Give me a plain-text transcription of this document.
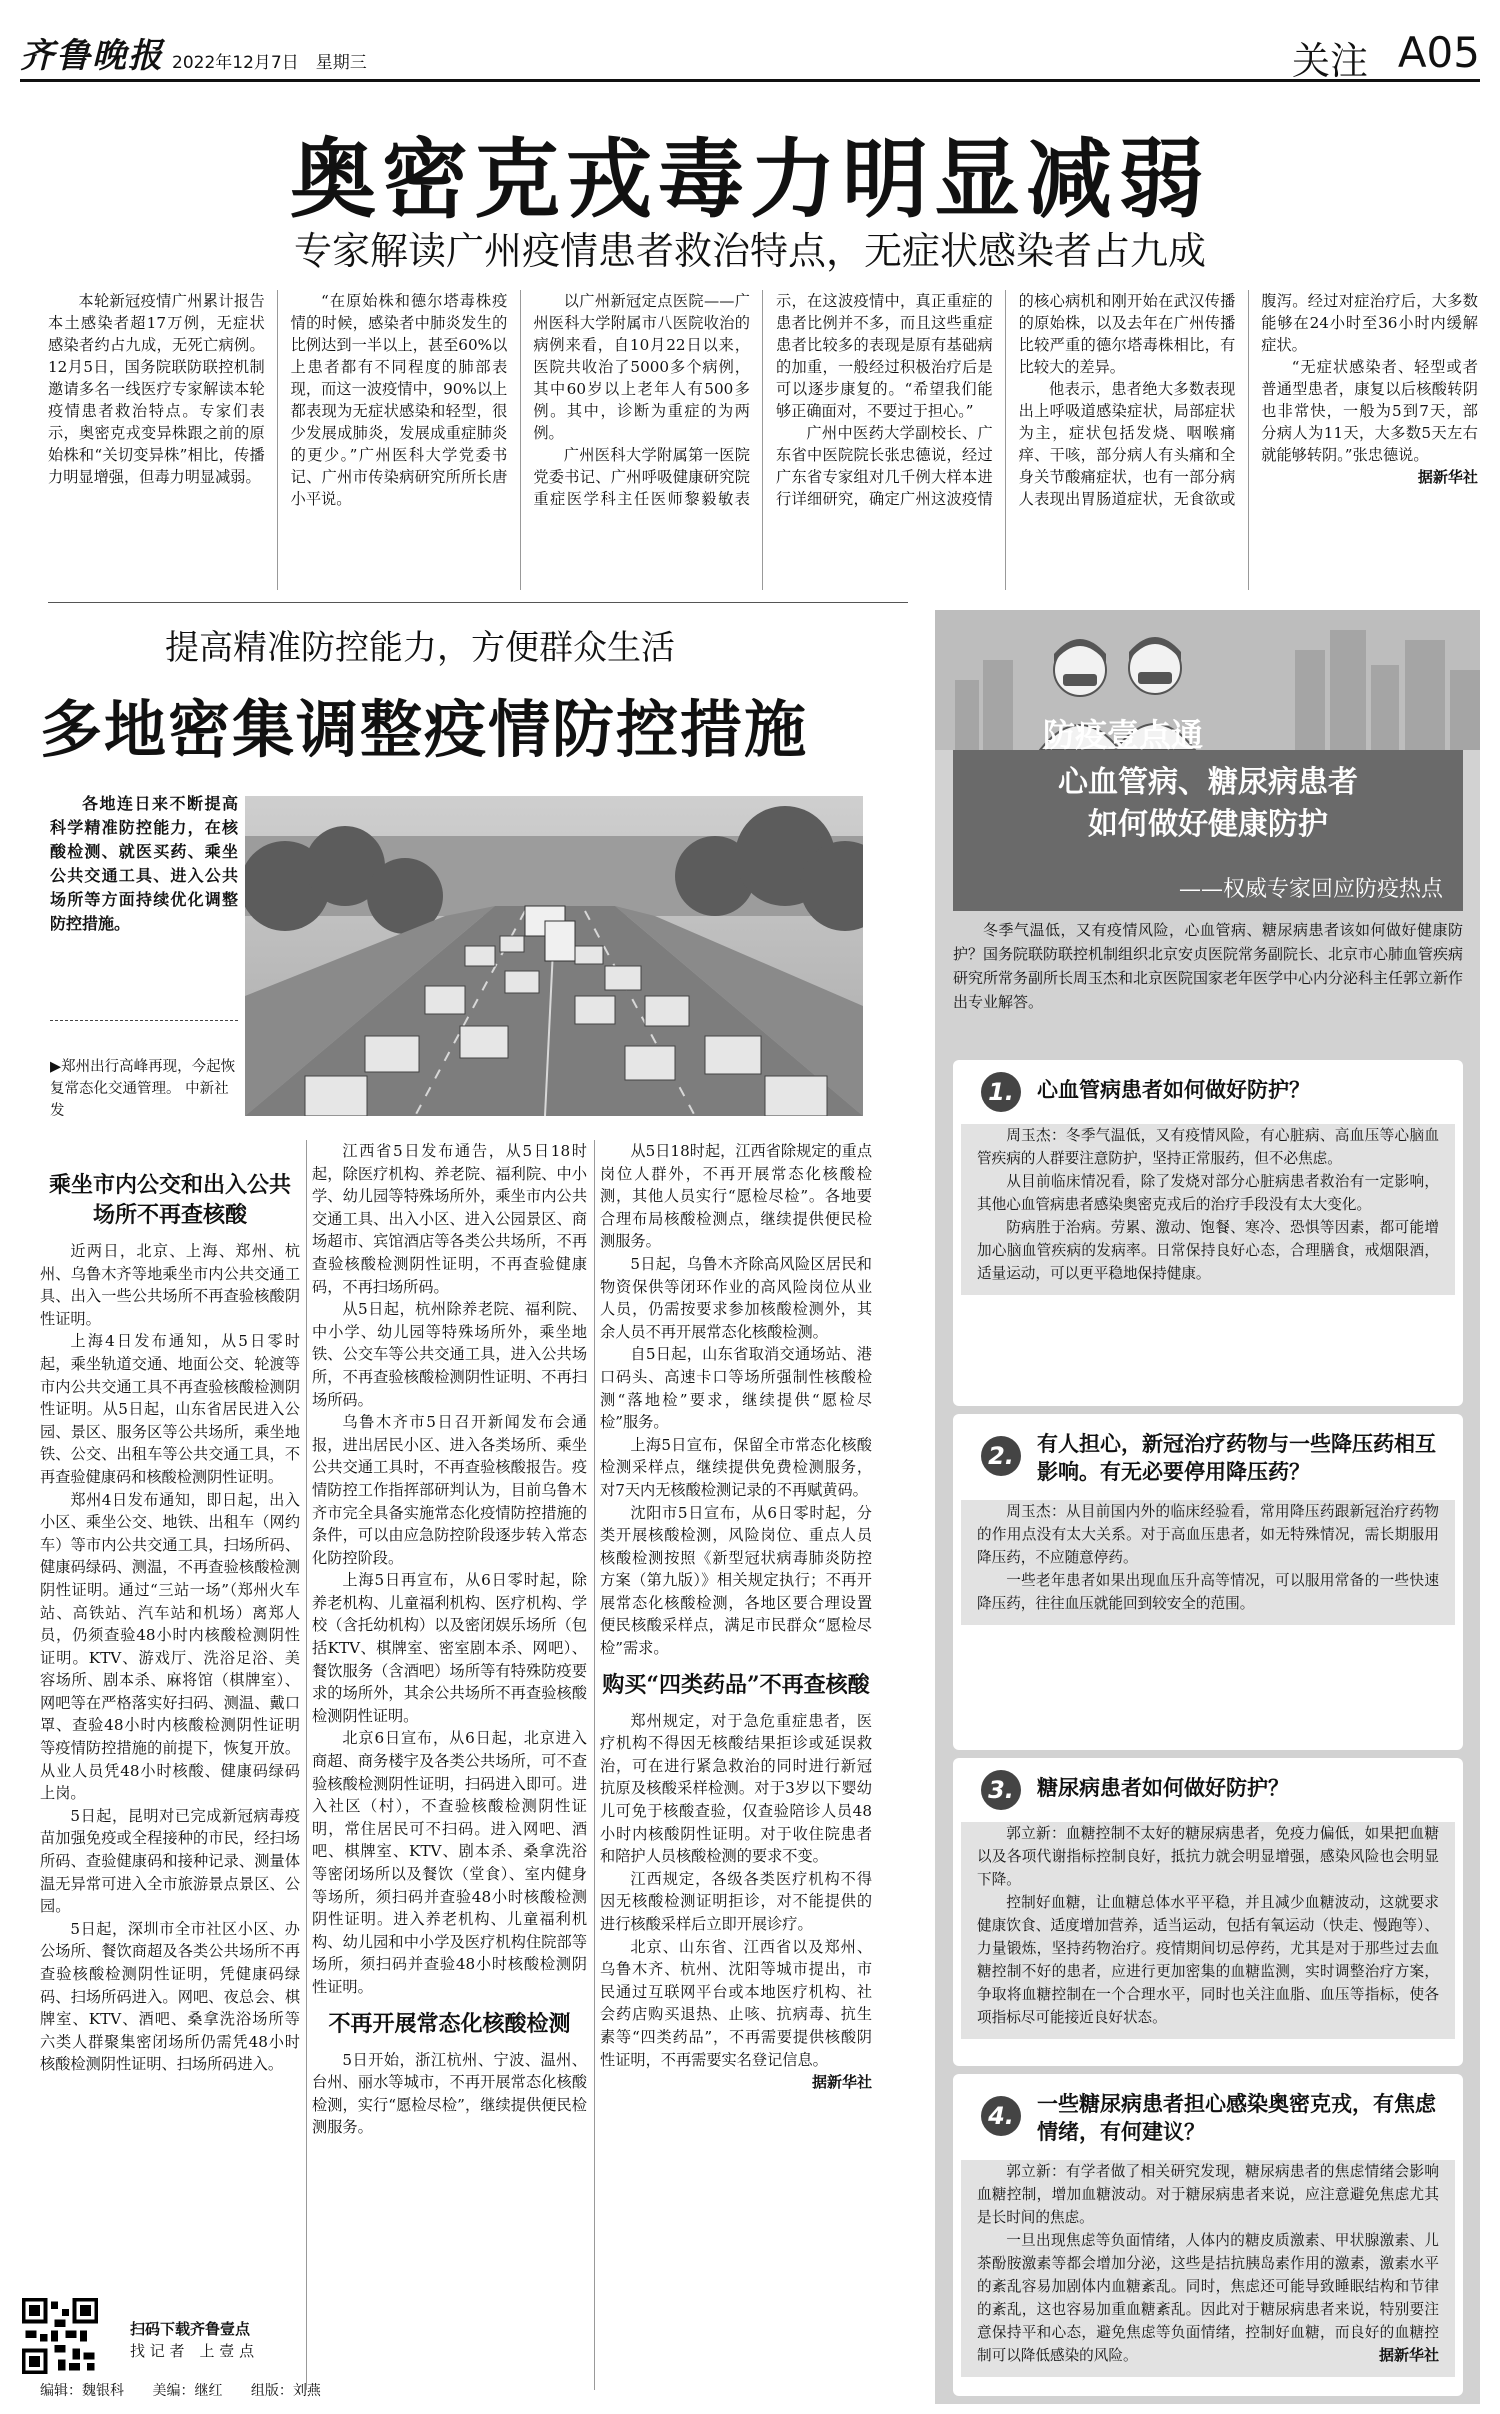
齐鲁晚报 2022年12月7日　星期三	关注 A05
奥密克戎毒力明显减弱
专家解读广州疫情患者救治特点，无症状感染者占九成

本轮新冠疫情广州累计报告本土感染者超17万例，无症状感染者约占九成，无死亡病例。12月5日，国务院联防联控机制邀请多名一线医疗专家解读本轮疫情患者救治特点。专家们表示，奥密克戎变异株跟之前的原始株和“关切变异株”相比，传播力明显增强，但毒力明显减弱。

“在原始株和德尔塔毒株疫情的时候，感染者中肺炎发生的比例达到一半以上，甚至60%以上患者都有不同程度的肺部表现，而这一波疫情中，90%以上都表现为无症状感染和轻型，很少发展成肺炎，发展成重症肺炎的更少。”广州医科大学党委书记、广州市传染病研究所所长唐小平说。

以广州新冠定点医院——广州医科大学附属市八医院收治的病例来看，自10月22日以来，医院共收治了5000多个病例，其中60岁以上老年人有500多例。其中，诊断为重症的为两例。

广州医科大学附属第一医院党委书记、广州呼吸健康研究院重症医学科主任医师黎毅敏表示，在这波疫情中，真正重症的患者比例并不多，而且这些重症患者比较多的表现是原有基础病的加重，一般经过积极治疗后是可以逐步康复的。“希望我们能够正确面对，不要过于担心。”

广州中医药大学副校长、广东省中医院院长张忠德说，经过广东省专家组对几千例大样本进行详细研究，确定广州这波疫情的核心病机和刚开始在武汉传播的原始株，以及去年在广州传播比较严重的德尔塔毒株相比，有比较大的差异。

他表示，患者绝大多数表现出上呼吸道感染症状，局部症状为主，症状包括发烧、咽喉痛痒、干咳，部分病人有头痛和全身关节酸痛症状，也有一部分病人表现出胃肠道症状，无食欲或腹泻。经过对症治疗后，大多数能够在24小时至36小时内缓解症状。

“无症状感染者、轻型或者普通型患者，康复以后核酸转阴也非常快，一般为5到7天，部分病人为11天，大多数5天左右就能够转阴。”张忠德说。
据新华社

提高精准防控能力，方便群众生活
多地密集调整疫情防控措施
各地连日来不断提高科学精准防控能力，在核酸检测、就医买药、乘坐公共交通工具、进入公共场所等方面持续优化调整防控措施。
▶郑州出行高峰再现，今起恢复常态化交通管理。 中新社发
乘坐市内公交和出入公共场所不再查核酸

近两日，北京、上海、郑州、杭州、乌鲁木齐等地乘坐市内公共交通工具、出入一些公共场所不再查验核酸阴性证明。

上海4日发布通知，从5日零时起，乘坐轨道交通、地面公交、轮渡等市内公共交通工具不再查验核酸检测阴性证明。从5日起，山东省居民进入公园、景区、服务区等公共场所，乘坐地铁、公交、出租车等公共交通工具，不再查验健康码和核酸检测阴性证明。

郑州4日发布通知，即日起，出入小区、乘坐公交、地铁、出租车（网约车）等市内公共交通工具，扫场所码、健康码绿码、测温，不再查验核酸检测阴性证明。通过“三站一场”（郑州火车站、高铁站、汽车站和机场）离郑人员，仍须查验48小时内核酸检测阴性证明。KTV、游戏厅、洗浴足浴、美容场所、剧本杀、麻将馆（棋牌室）、网吧等在严格落实好扫码、测温、戴口罩、查验48小时内核酸检测阴性证明等疫情防控措施的前提下，恢复开放。从业人员凭48小时核酸、健康码绿码上岗。

5日起，昆明对已完成新冠病毒疫苗加强免疫或全程接种的市民，经扫场所码、查验健康码和接种记录、测量体温无异常可进入全市旅游景点景区、公园。

5日起，深圳市全市社区小区、办公场所、餐饮商超及各类公共场所不再查验核酸检测阴性证明，凭健康码绿码、扫场所码进入。网吧、夜总会、棋牌室、KTV、酒吧、桑拿洗浴场所等六类人群聚集密闭场所仍需凭48小时核酸检测阴性证明、扫场所码进入。

江西省5日发布通告，从5日18时起，除医疗机构、养老院、福利院、中小学、幼儿园等特殊场所外，乘坐市内公共交通工具、出入小区、进入公园景区、商场超市、宾馆酒店等各类公共场所，不再查验核酸检测阴性证明，不再查验健康码，不再扫场所码。

从5日起，杭州除养老院、福利院、中小学、幼儿园等特殊场所外，乘坐地铁、公交车等公共交通工具，进入公共场所，不再查验核酸检测阴性证明、不再扫场所码。

乌鲁木齐市5日召开新闻发布会通报，进出居民小区、进入各类场所、乘坐公共交通工具时，不再查验核酸报告。疫情防控工作指挥部研判认为，目前乌鲁木齐市完全具备实施常态化疫情防控措施的条件，可以由应急防控阶段逐步转入常态化防控阶段。

上海5日再宣布，从6日零时起，除养老机构、儿童福利机构、医疗机构、学校（含托幼机构）以及密闭娱乐场所（包括KTV、棋牌室、密室剧本杀、网吧）、餐饮服务（含酒吧）场所等有特殊防疫要求的场所外，其余公共场所不再查验核酸检测阴性证明。

北京6日宣布，从6日起，北京进入商超、商务楼宇及各类公共场所，可不查验核酸检测阴性证明，扫码进入即可。进入社区（村），不查验核酸检测阴性证明，常住居民可不扫码。进入网吧、酒吧、棋牌室、KTV、剧本杀、桑拿洗浴等密闭场所以及餐饮（堂食）、室内健身等场所，须扫码并查验48小时核酸检测阴性证明。进入养老机构、儿童福利机构、幼儿园和中小学及医疗机构住院部等场所，须扫码并查验48小时核酸检测阴性证明。

不再开展常态化核酸检测

5日开始，浙江杭州、宁波、温州、台州、丽水等城市，不再开展常态化核酸检测，实行“愿检尽检”，继续提供便民检测服务。

从5日18时起，江西省除规定的重点岗位人群外，不再开展常态化核酸检测，其他人员实行“愿检尽检”。各地要合理布局核酸检测点，继续提供便民检测服务。

5日起，乌鲁木齐除高风险区居民和物资保供等闭环作业的高风险岗位从业人员，仍需按要求参加核酸检测外，其余人员不再开展常态化核酸检测。

自5日起，山东省取消交通场站、港口码头、高速卡口等场所强制性核酸检测“落地检”要求，继续提供“愿检尽检”服务。

上海5日宣布，保留全市常态化核酸检测采样点，继续提供免费检测服务，对7天内无核酸检测记录的不再赋黄码。

沈阳市5日宣布，从6日零时起，分类开展核酸检测，风险岗位、重点人员核酸检测按照《新型冠状病毒肺炎防控方案（第九版）》相关规定执行；不再开展常态化核酸检测，各地区要合理设置便民核酸采样点，满足市民群众“愿检尽检”需求。

购买“四类药品”不再查核酸

郑州规定，对于急危重症患者，医疗机构不得因无核酸结果拒诊或延误救治，可在进行紧急救治的同时进行新冠抗原及核酸采样检测。对于3岁以下婴幼儿可免于核酸查验，仅查验陪诊人员48小时内核酸阴性证明。对于收住院患者和陪护人员核酸检测的要求不变。

江西规定，各级各类医疗机构不得因无核酸检测证明拒诊，对不能提供的进行核酸采样后立即开展诊疗。

北京、山东省、江西省以及郑州、乌鲁木齐、杭州、沈阳等城市提出，市民通过互联网平台或本地医疗机构、社会药店购买退热、止咳、抗病毒、抗生素等“四类药品”，不再需要提供核酸阴性证明，不再需要实名登记信息。
据新华社

扫码下载齐鲁壹点
找 记 者　上 壹 点
编辑：魏银科 美编：继红 组版：刘燕
心血管病、糖尿病患者
如何做好健康防护
防疫壹点通
——权威专家回应防疫热点
冬季气温低，又有疫情风险，心血管病、糖尿病患者该如何做好健康防护？国务院联防联控机制组织北京安贞医院常务副院长、北京市心肺血管疾病研究所常务副所长周玉杰和北京医院国家老年医学中心内分泌科主任郭立新作出专业解答。
1.	心血管病患者如何做好防护？

周玉杰：冬季气温低，又有疫情风险，有心脏病、高血压等心脑血管疾病的人群要注意防护，坚持正常服药，但不必焦虑。

从目前临床情况看，除了发烧对部分心脏病患者救治有一定影响，其他心血管病患者感染奥密克戎后的治疗手段没有太大变化。

防病胜于治病。劳累、激动、饱餐、寒冷、恐惧等因素，都可能增加心脑血管疾病的发病率。日常保持良好心态，合理膳食，戒烟限酒，适量运动，可以更平稳地保持健康。

2.	有人担心，新冠治疗药物与一些降压药相互影响。有无必要停用降压药？

周玉杰：从目前国内外的临床经验看，常用降压药跟新冠治疗药物的作用点没有太大关系。对于高血压患者，如无特殊情况，需长期服用降压药，不应随意停药。

一些老年患者如果出现血压升高等情况，可以服用常备的一些快速降压药，往往血压就能回到较安全的范围。

3.	糖尿病患者如何做好防护？

郭立新：血糖控制不太好的糖尿病患者，免疫力偏低，如果把血糖以及各项代谢指标控制良好，抵抗力就会明显增强，感染风险也会明显下降。

控制好血糖，让血糖总体水平平稳，并且减少血糖波动，这就要求健康饮食、适度增加营养，适当运动，包括有氧运动（快走、慢跑等）、力量锻炼，坚持药物治疗。疫情期间切忌停药，尤其是对于那些过去血糖控制不好的患者，应进行更加密集的血糖监测，实时调整治疗方案，争取将血糖控制在一个合理水平，同时也关注血脂、血压等指标，使各项指标尽可能接近良好状态。

4.	一些糖尿病患者担心感染奥密克戎，有焦虑情绪，有何建议？

郭立新：有学者做了相关研究发现，糖尿病患者的焦虑情绪会影响血糖控制，增加血糖波动。对于糖尿病患者来说，应注意避免焦虑尤其是长时间的焦虑。

一旦出现焦虑等负面情绪，人体内的糖皮质激素、甲状腺激素、儿茶酚胺激素等都会增加分泌，这些是拮抗胰岛素作用的激素，激素水平的紊乱容易加剧体内血糖紊乱。同时，焦虑还可能导致睡眠结构和节律的紊乱，这也容易加重血糖紊乱。因此对于糖尿病患者来说，特别要注意保持平和心态，避免焦虑等负面情绪，控制好血糖，而良好的血糖控制可以降低感染的风险。	据新华社
